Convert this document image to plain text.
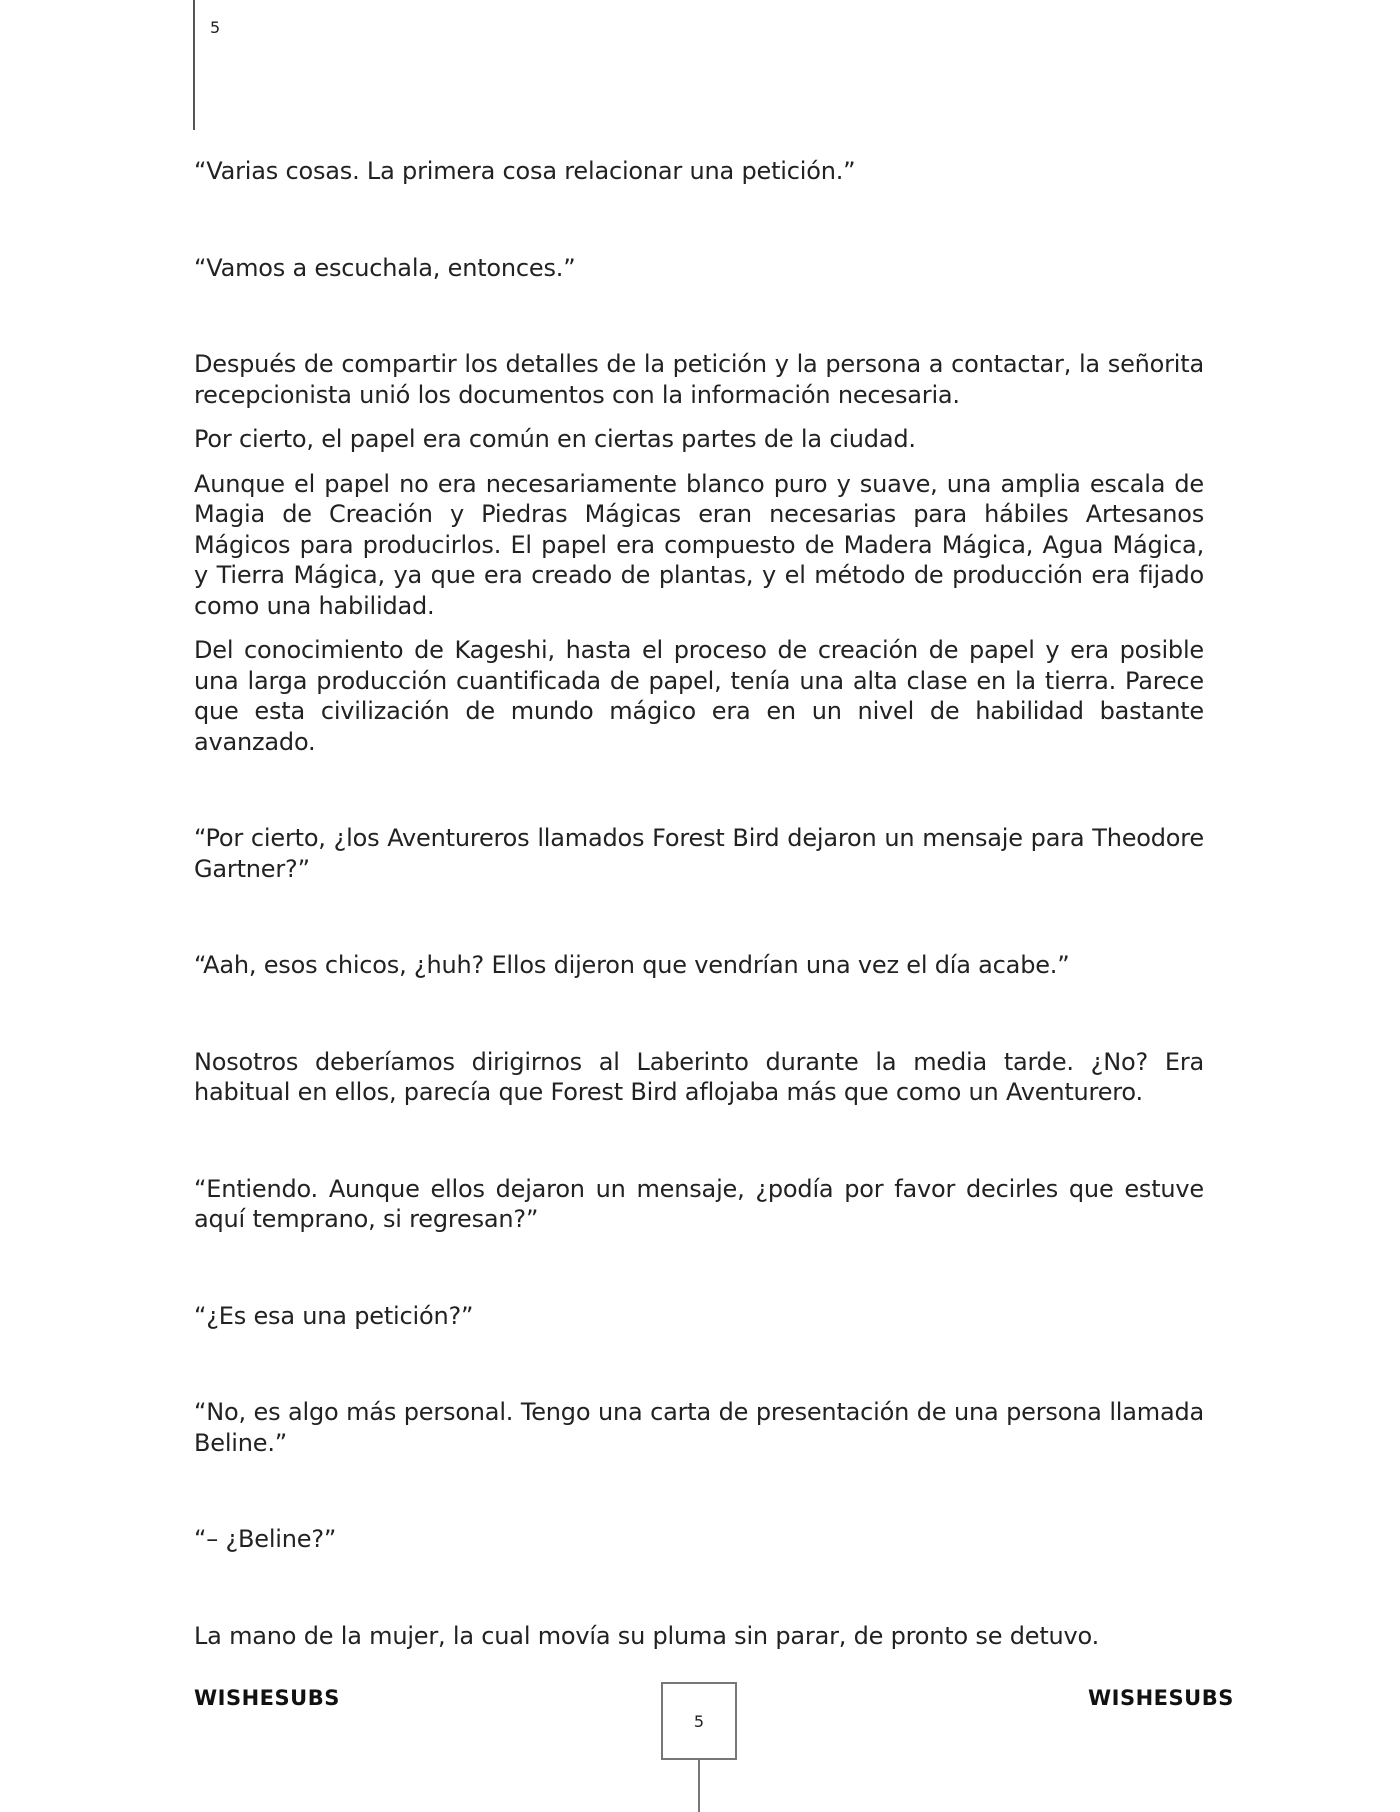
5

“Varias cosas. La primera cosa relacionar una petición.”

“Vamos a escuchala, entonces.”

Después de compartir los detalles de la petición y la persona a contactar, la señorita recepcionista unió los documentos con la información necesaria.

Por cierto, el papel era común en ciertas partes de la ciudad.

Aunque el papel no era necesariamente blanco puro y suave, una amplia escala de Magia de Creación y Piedras Mágicas eran necesarias para hábiles Artesanos Mágicos para producirlos. El papel era compuesto de Madera Mágica, Agua Mágica, y Tierra Mágica, ya que era creado de plantas, y el método de producción era fijado como una habilidad.

Del conocimiento de Kageshi, hasta el proceso de creación de papel y era posible una larga producción cuantificada de papel, tenía una alta clase en la tierra. Parece que esta civilización de mundo mágico era en un nivel de habilidad bastante avanzado.

“Por cierto, ¿los Aventureros llamados Forest Bird dejaron un mensaje para Theodore Gartner?”

“Aah, esos chicos, ¿huh? Ellos dijeron que vendrían una vez el día acabe.”

Nosotros deberíamos dirigirnos al Laberinto durante la media tarde. ¿No? Era habitual en ellos, parecía que Forest Bird aflojaba más que como un Aventurero.

“Entiendo. Aunque ellos dejaron un mensaje, ¿podía por favor decirles que estuve aquí temprano, si regresan?”

“¿Es esa una petición?”

“No, es algo más personal. Tengo una carta de presentación de una persona llamada Beline.”

“– ¿Beline?”

La mano de la mujer, la cual movía su pluma sin parar, de pronto se detuvo.

WISHESUBS	WISHESUBS
5
